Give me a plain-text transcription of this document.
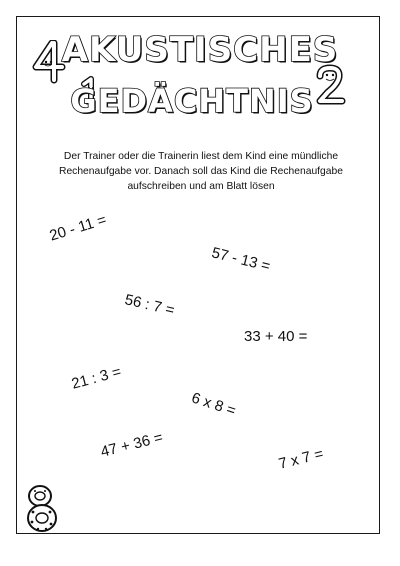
AKUSTISCHES
GEDÄCHTNIS
Der Trainer oder die Trainerin liest dem Kind eine mündliche
Rechenaufgabe vor. Danach soll das Kind die Rechenaufgabe
aufschreiben und am Blatt lösen
20 - 11 =
57 - 13 =
56 : 7 =
33 + 40 =
21 : 3 =
6 x 8 =
47 + 36 =	7 x 7 =
